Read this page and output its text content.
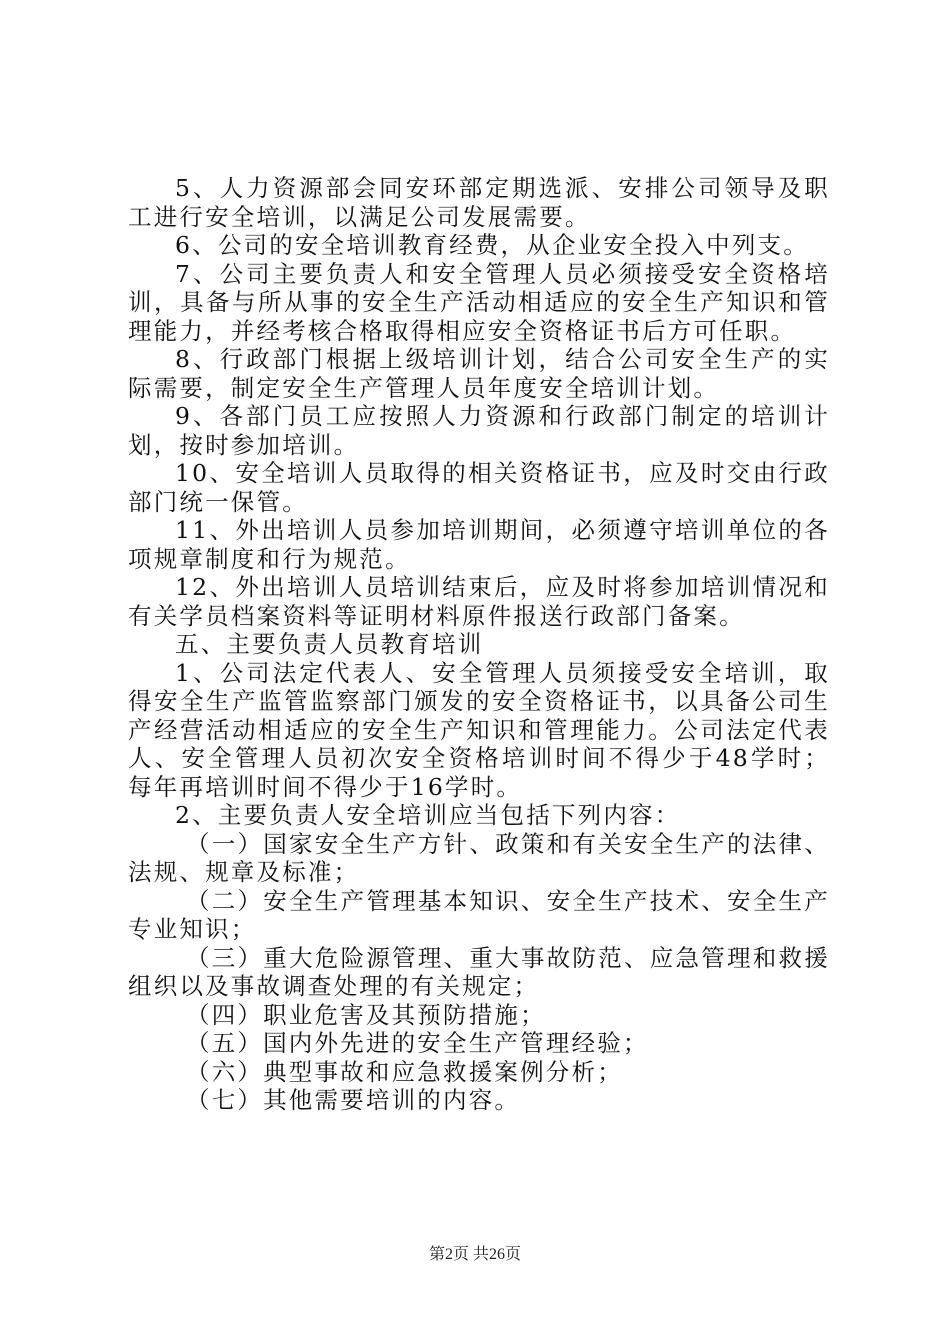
5、人力资源部会同安环部定期选派、安排公司领导及职工进行安全培训，以满足公司发展需要。

6、公司的安全培训教育经费，从企业安全投入中列支。

7、公司主要负责人和安全管理人员必须接受安全资格培训，具备与所从事的安全生产活动相适应的安全生产知识和管理能力，并经考核合格取得相应安全资格证书后方可任职。

8、行政部门根据上级培训计划，结合公司安全生产的实际需要，制定安全生产管理人员年度安全培训计划。

9、各部门员工应按照人力资源和行政部门制定的培训计划，按时参加培训。

10、安全培训人员取得的相关资格证书，应及时交由行政部门统一保管。

11、外出培训人员参加培训期间，必须遵守培训单位的各项规章制度和行为规范。

12、外出培训人员培训结束后，应及时将参加培训情况和有关学员档案资料等证明材料原件报送行政部门备案。

五、主要负责人员教育培训

1、公司法定代表人、安全管理人员须接受安全培训，取得安全生产监管监察部门颁发的安全资格证书，以具备公司生产经营活动相适应的安全生产知识和管理能力。公司法定代表人、安全管理人员初次安全资格培训时间不得少于48学时；每年再培训时间不得少于16学时。

2、主要负责人安全培训应当包括下列内容：

（一）国家安全生产方针、政策和有关安全生产的法律、法规、规章及标准；

（二）安全生产管理基本知识、安全生产技术、安全生产专业知识；

（三）重大危险源管理、重大事故防范、应急管理和救援组织以及事故调查处理的有关规定；

（四）职业危害及其预防措施；

（五）国内外先进的安全生产管理经验；

（六）典型事故和应急救援案例分析；

（七）其他需要培训的内容。

第2页 共26页
